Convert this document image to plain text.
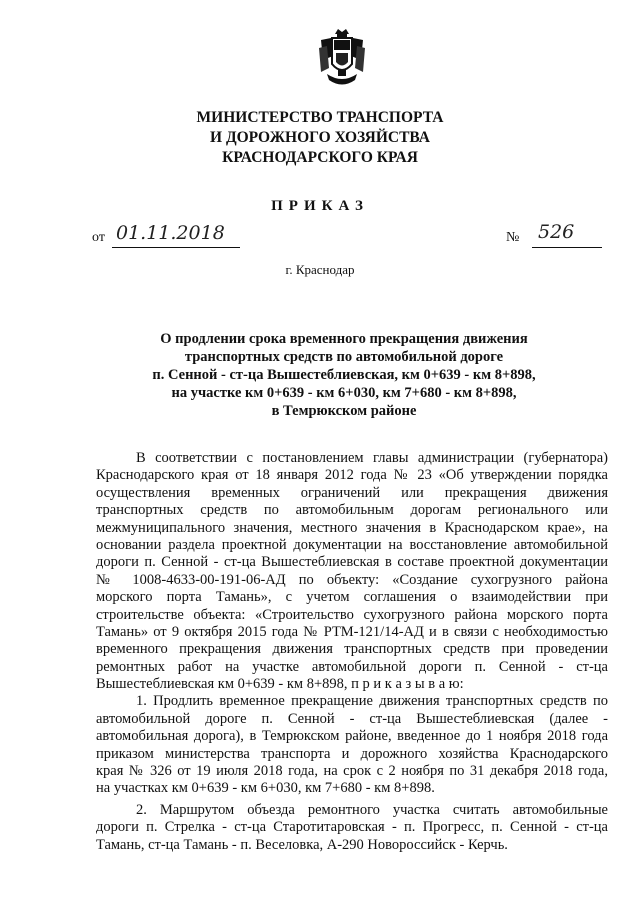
МИНИСТЕРСТВО ТРАНСПОРТА
И ДОРОЖНОГО ХОЗЯЙСТВА
КРАСНОДАРСКОГО КРАЯ
ПРИКАЗ
от 01.11.2018	№ 526
г. Краснодар
О продлении срока временного прекращения движения
транспортных средств по автомобильной дороге
п. Сенной - ст-ца Вышестеблиевская, км 0+639 - км 8+898,
на участке км 0+639 - км 6+030, км 7+680 - км 8+898,
в Темрюкском районе
В соответствии с постановлением главы администрации (губернатора)
Краснодарского края от 18 января 2012 года № 23 «Об утверждении порядка
осуществления временных ограничений или прекращения движения
транспортных средств по автомобильным дорогам регионального или
межмуниципального значения, местного значения в Краснодарском крае», на
основании раздела проектной документации на восстановление автомобильной
дороги п. Сенной - ст-ца Вышестеблиевская в составе проектной документации
№ 1008-4633-00-191-06-АД по объекту: «Создание сухогрузного района
морского порта Тамань», с учетом соглашения о взаимодействии при
строительстве объекта: «Строительство сухогрузного района морского порта
Тамань» от 9 октября 2015 года № РТМ-121/14-АД и в связи с необходимостью
временного прекращения движения транспортных средств при проведении
ремонтных работ на участке автомобильной дороги п. Сенной - ст-ца
Вышестеблиевская км 0+639 - км 8+898, п р и к а з ы в а ю:
1. Продлить временное прекращение движения транспортных средств по
автомобильной дороге п. Сенной - ст-ца Вышестеблиевская (далее -
автомобильная дорога), в Темрюкском районе, введенное до 1 ноября 2018 года
приказом министерства транспорта и дорожного хозяйства Краснодарского
края № 326 от 19 июля 2018 года, на срок с 2 ноября по 31 декабря 2018 года,
на участках км 0+639 - км 6+030, км 7+680 - км 8+898.
2. Маршрутом объезда ремонтного участка считать автомобильные
дороги п. Стрелка - ст-ца Старотитаровская - п. Прогресс, п. Сенной - ст-ца
Тамань, ст-ца Тамань - п. Веселовка, А-290 Новороссийск - Керчь.
